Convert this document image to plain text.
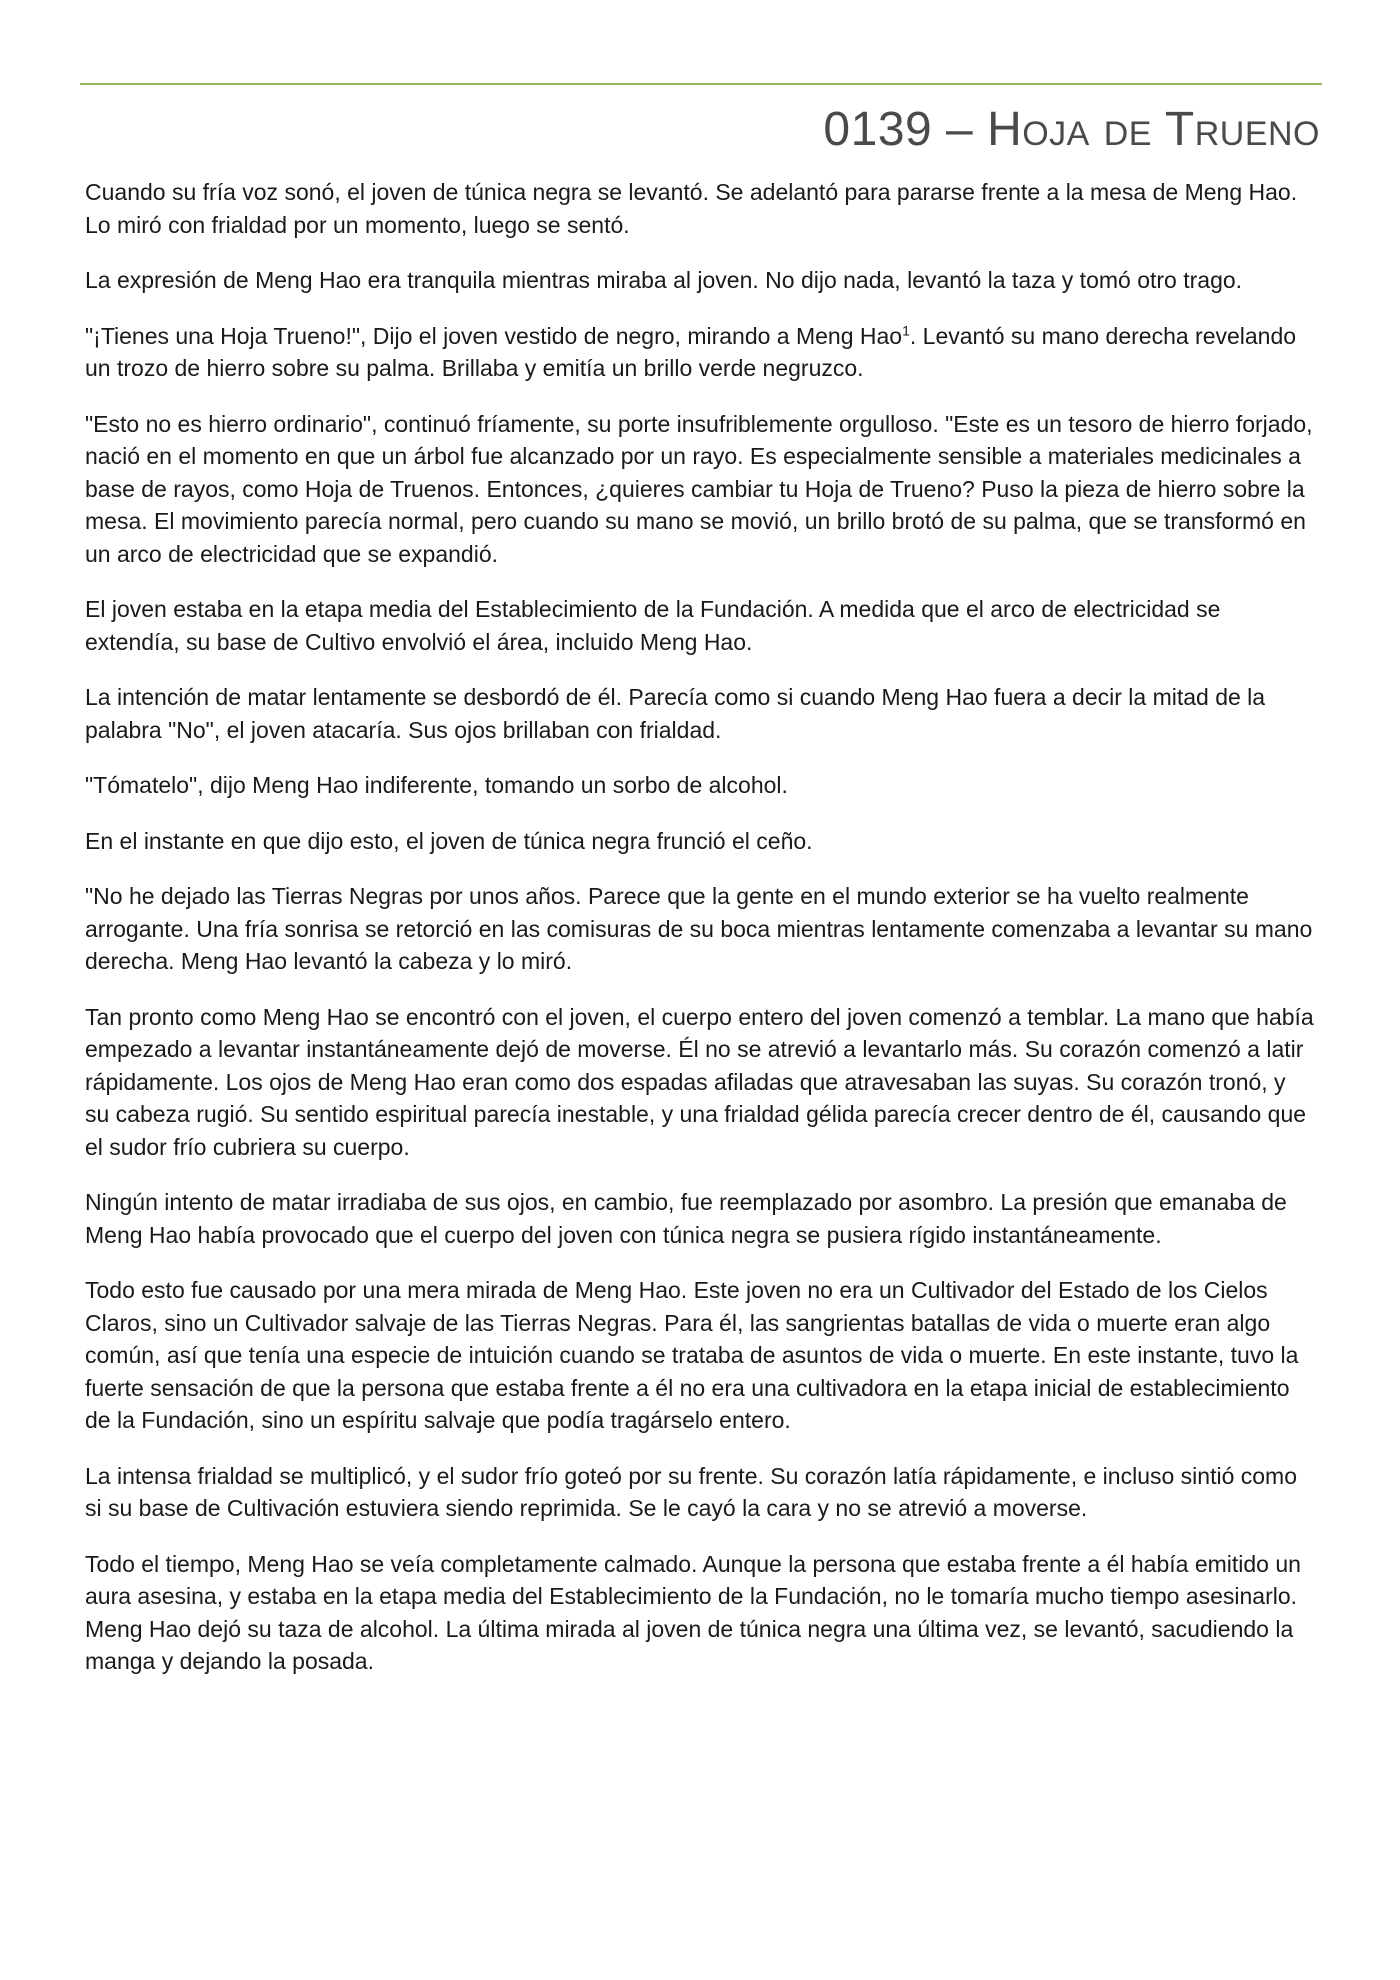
0139 – Hoja de Trueno

Cuando su fría voz sonó, el joven de túnica negra se levantó. Se adelantó para pararse frente a la mesa de Meng Hao. Lo miró con frialdad por un momento, luego se sentó.

La expresión de Meng Hao era tranquila mientras miraba al joven. No dijo nada, levantó la taza y tomó otro trago.

"¡Tienes una Hoja Trueno!", Dijo el joven vestido de negro, mirando a Meng Hao$^1$. Levantó su mano derecha revelando un trozo de hierro sobre su palma. Brillaba y emitía un brillo verde negruzco.

"Esto no es hierro ordinario", continuó fríamente, su porte insufriblemente orgulloso. "Este es un tesoro de hierro forjado, nació en el momento en que un árbol fue alcanzado por un rayo. Es especialmente sensible a materiales medicinales a base de rayos, como Hoja de Truenos. Entonces, ¿quieres cambiar tu Hoja de Trueno? Puso la pieza de hierro sobre la mesa. El movimiento parecía normal, pero cuando su mano se movió, un brillo brotó de su palma, que se transformó en un arco de electricidad que se expandió.

El joven estaba en la etapa media del Establecimiento de la Fundación. A medida que el arco de electricidad se extendía, su base de Cultivo envolvió el área, incluido Meng Hao.

La intención de matar lentamente se desbordó de él. Parecía como si cuando Meng Hao fuera a decir la mitad de la palabra "No", el joven atacaría. Sus ojos brillaban con frialdad.

"Tómatelo", dijo Meng Hao indiferente, tomando un sorbo de alcohol.

En el instante en que dijo esto, el joven de túnica negra frunció el ceño.

"No he dejado las Tierras Negras por unos años. Parece que la gente en el mundo exterior se ha vuelto realmente arrogante. Una fría sonrisa se retorció en las comisuras de su boca mientras lentamente comenzaba a levantar su mano derecha. Meng Hao levantó la cabeza y lo miró.

Tan pronto como Meng Hao se encontró con el joven, el cuerpo entero del joven comenzó a temblar. La mano que había empezado a levantar instantáneamente dejó de moverse. Él no se atrevió a levantarlo más. Su corazón comenzó a latir rápidamente. Los ojos de Meng Hao eran como dos espadas afiladas que atravesaban las suyas. Su corazón tronó, y su cabeza rugió. Su sentido espiritual parecía inestable, y una frialdad gélida parecía crecer dentro de él, causando que el sudor frío cubriera su cuerpo.

Ningún intento de matar irradiaba de sus ojos, en cambio, fue reemplazado por asombro. La presión que emanaba de Meng Hao había provocado que el cuerpo del joven con túnica negra se pusiera rígido instantáneamente.

Todo esto fue causado por una mera mirada de Meng Hao. Este joven no era un Cultivador del Estado de los Cielos Claros, sino un Cultivador salvaje de las Tierras Negras. Para él, las sangrientas batallas de vida o muerte eran algo común, así que tenía una especie de intuición cuando se trataba de asuntos de vida o muerte. En este instante, tuvo la fuerte sensación de que la persona que estaba frente a él no era una cultivadora en la etapa inicial de establecimiento de la Fundación, sino un espíritu salvaje que podía tragárselo entero.

La intensa frialdad se multiplicó, y el sudor frío goteó por su frente. Su corazón latía rápidamente, e incluso sintió como si su base de Cultivación estuviera siendo reprimida. Se le cayó la cara y no se atrevió a moverse.

Todo el tiempo, Meng Hao se veía completamente calmado. Aunque la persona que estaba frente a él había emitido un aura asesina, y estaba en la etapa media del Establecimiento de la Fundación, no le tomaría mucho tiempo asesinarlo. Meng Hao dejó su taza de alcohol. La última mirada al joven de túnica negra una última vez, se levantó, sacudiendo la manga y dejando la posada.
